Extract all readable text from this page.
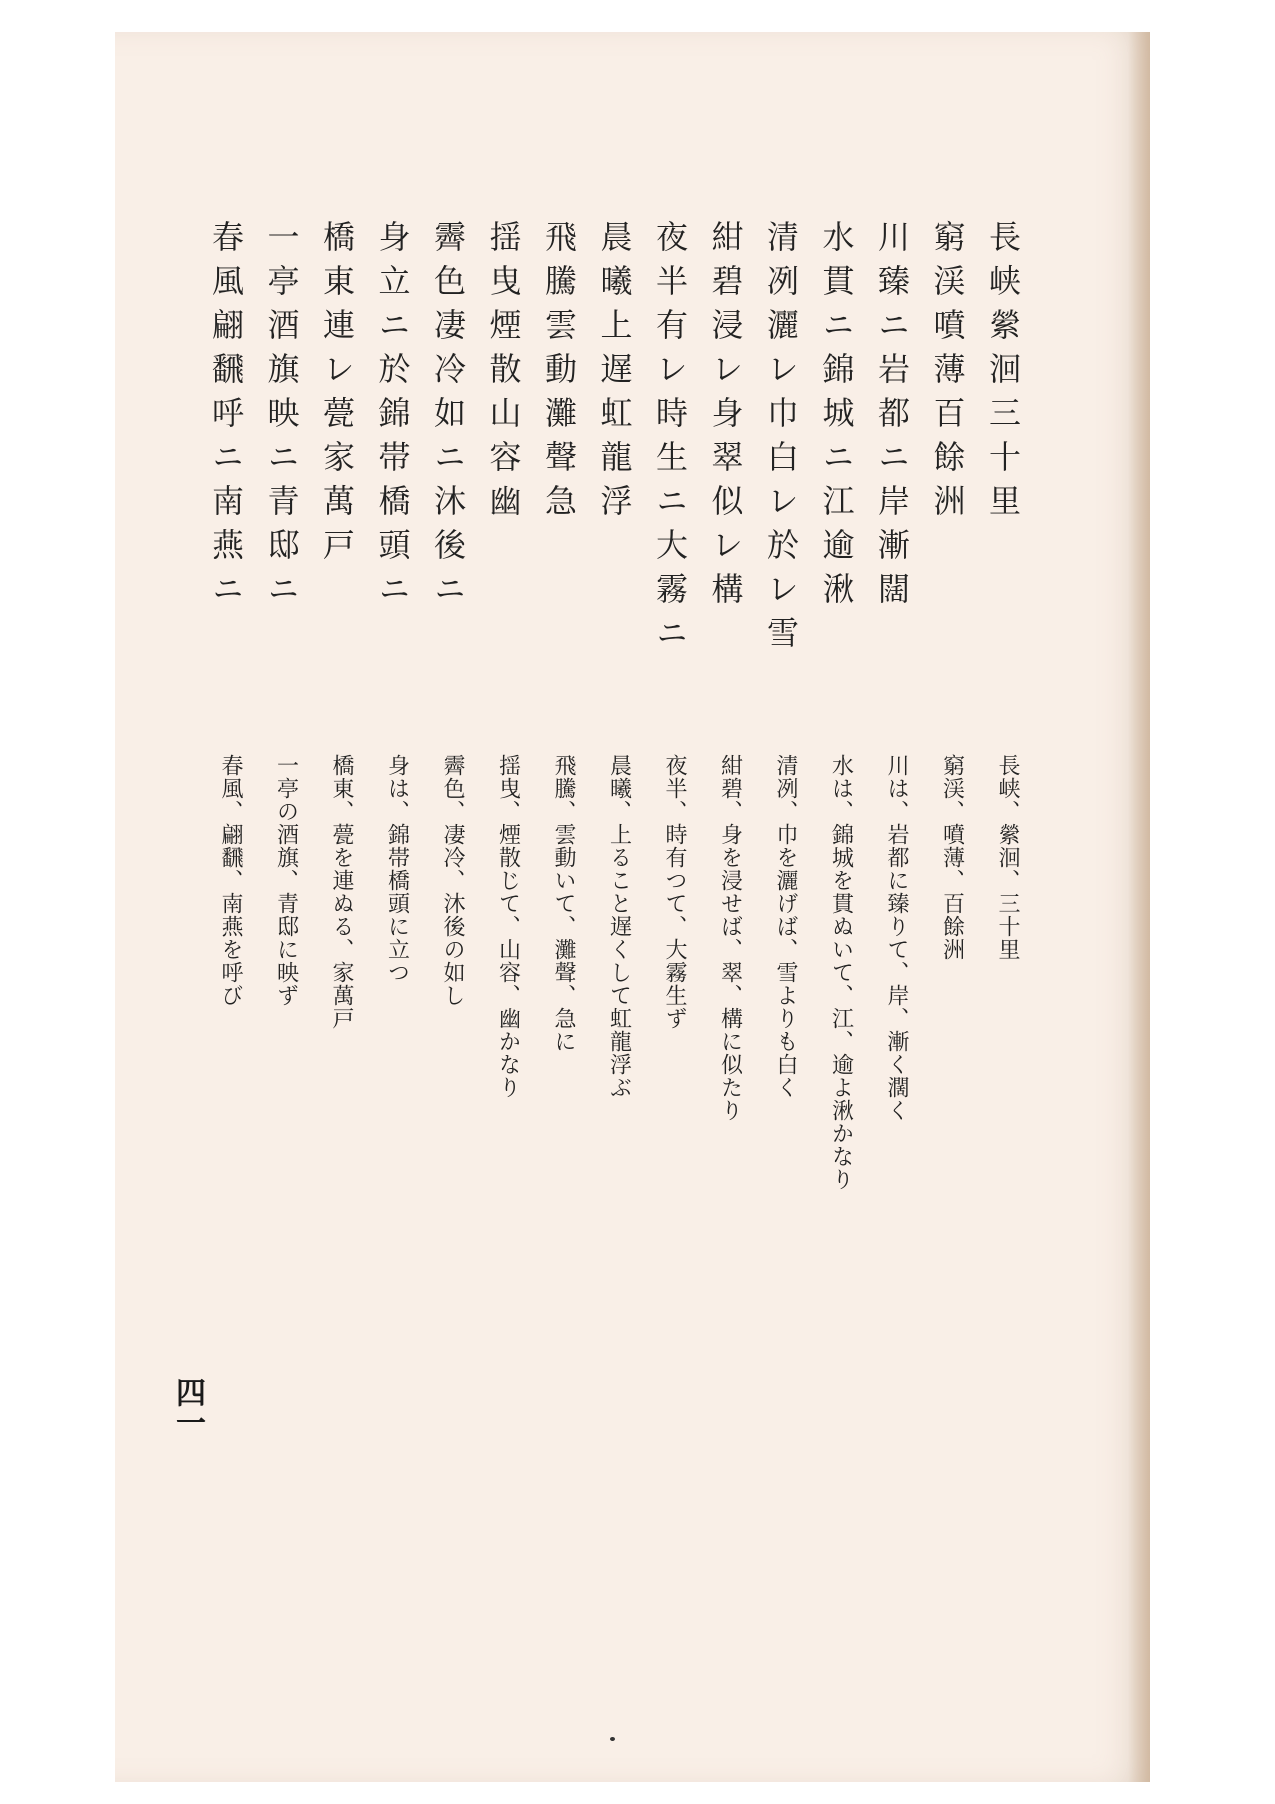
長峡縈洄三十里
窮渓噴薄百餘洲
川臻ニ岩都ニ岸漸闊
水貫ニ錦城ニ江逾湫
清冽灑レ巾白レ於レ雪
紺碧浸レ身翠似レ構
夜半有レ時生ニ大霧ニ
晨曦上遅虹龍浮
飛騰雲動灘聲急
揺曳煙散山容幽
霽色凄冷如ニ沐後ニ
身立ニ於錦帯橋頭ニ
橋東連レ甍家萬戸
一亭酒旗映ニ青邸ニ
春風翩飜呼ニ南燕ニ
長峡、縈洄、三十里
窮渓、噴薄、百餘洲
川は、岩都に臻りて、岸、漸く濶く
水は、錦城を貫ぬいて、江、逾よ湫かなり
清冽、巾を灑げば、雪よりも白く
紺碧、身を浸せば、翠、構に似たり
夜半、時有つて、大霧生ず
晨曦、上ること遅くして虹龍浮ぶ
飛騰、雲動いて、灘聲、急に
揺曳、煙散じて、山容、幽かなり
霽色、凄冷、沐後の如し
身は、錦帯橋頭に立つ
橋東、甍を連ぬる、家萬戸
一亭の酒旗、青邸に映ず
春風、翩飜、南燕を呼び
四一
